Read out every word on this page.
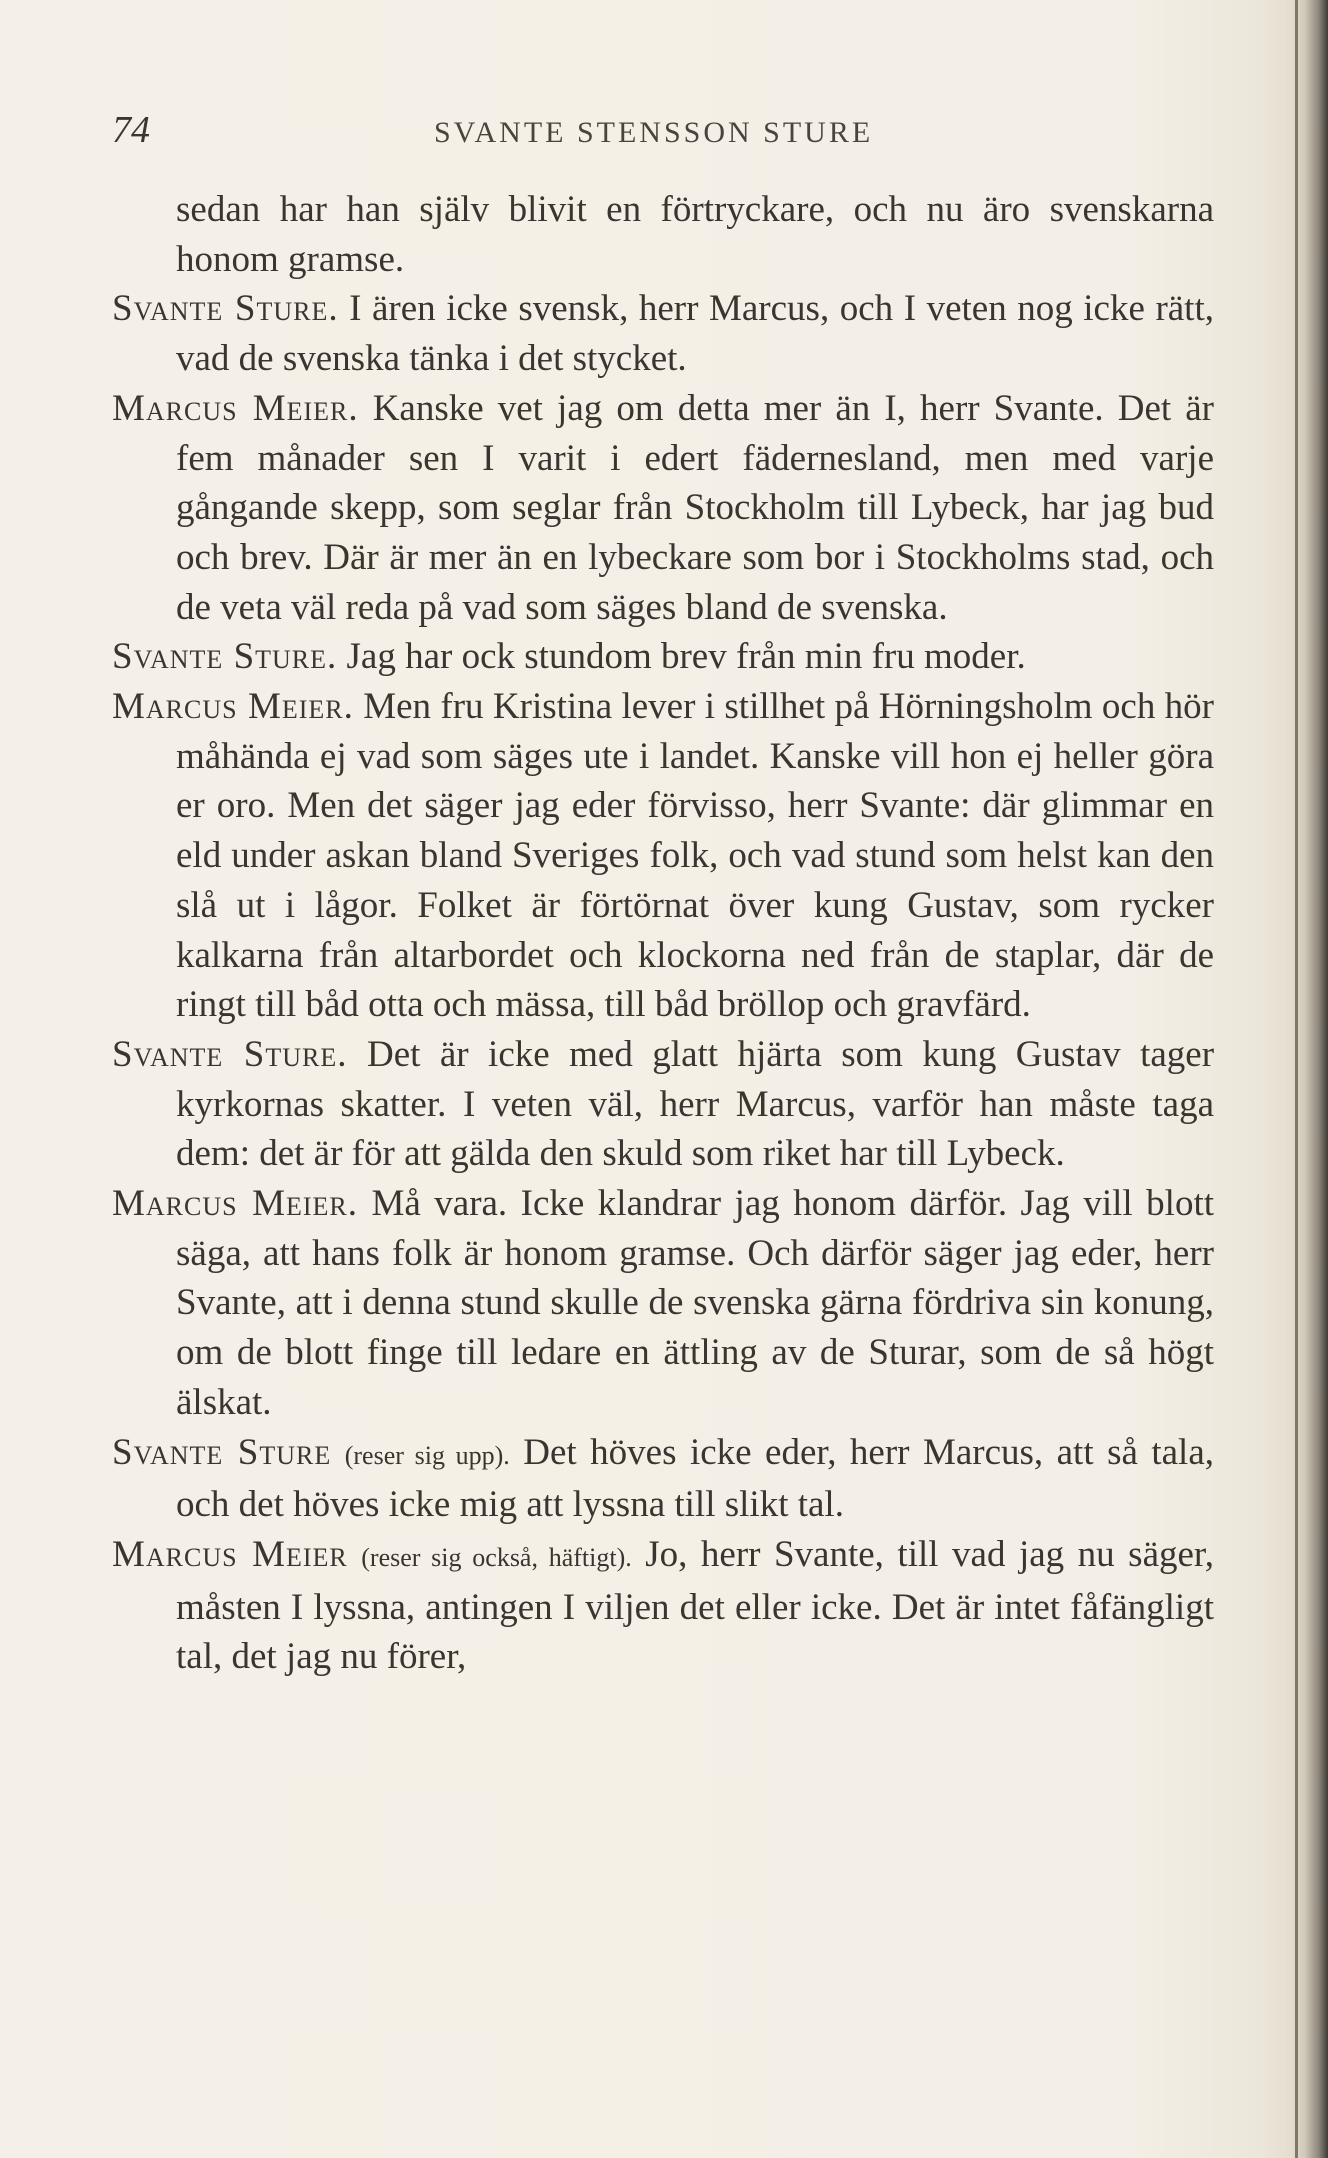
74	SVANTE STENSSON STURE

sedan har han själv blivit en förtryckare, och nu äro svenskarna honom gramse.

Svante Sture. I ären icke svensk, herr Marcus, och I veten nog icke rätt, vad de svenska tänka i det stycket.

Marcus Meier. Kanske vet jag om detta mer än I, herr Svante. Det är fem månader sen I varit i edert fädernesland, men med varje gångande skepp, som seglar från Stockholm till Lybeck, har jag bud och brev. Där är mer än en lybeckare som bor i Stockholms stad, och de veta väl reda på vad som säges bland de svenska.

Svante Sture. Jag har ock stundom brev från min fru moder.

Marcus Meier. Men fru Kristina lever i stillhet på Hörningsholm och hör måhända ej vad som säges ute i landet. Kanske vill hon ej heller göra er oro. Men det säger jag eder förvisso, herr Svante: där glimmar en eld under askan bland Sveriges folk, och vad stund som helst kan den slå ut i lågor. Folket är förtörnat över kung Gustav, som rycker kalkarna från altarbordet och klockorna ned från de staplar, där de ringt till båd otta och mässa, till båd bröllop och gravfärd.

Svante Sture. Det är icke med glatt hjärta som kung Gustav tager kyrkornas skatter. I veten väl, herr Marcus, varför han måste taga dem: det är för att gälda den skuld som riket har till Lybeck.

Marcus Meier. Må vara. Icke klandrar jag honom därför. Jag vill blott säga, att hans folk är honom gramse. Och därför säger jag eder, herr Svante, att i denna stund skulle de svenska gärna fördriva sin konung, om de blott finge till ledare en ättling av de Sturar, som de så högt älskat.

Svante Sture (reser sig upp). Det höves icke eder, herr Marcus, att så tala, och det höves icke mig att lyssna till slikt tal.

Marcus Meier (reser sig också, häftigt). Jo, herr Svante, till vad jag nu säger, måsten I lyssna, antingen I viljen det eller icke. Det är intet fåfängligt tal, det jag nu förer,
